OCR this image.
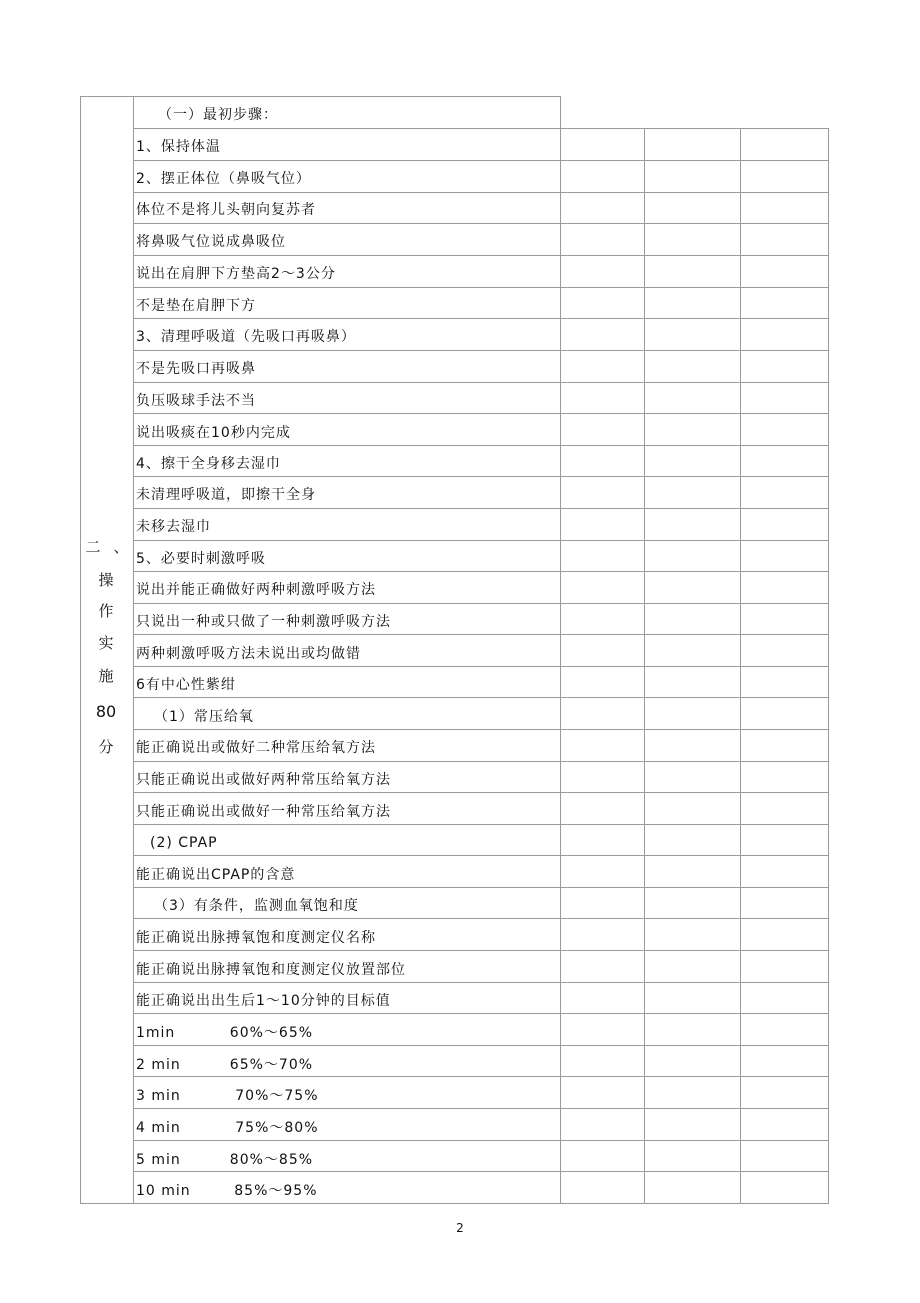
二 、
操
作
实
施
80
分
（一）最初步骤：
1、保持体温
2、摆正体位（鼻吸气位）
体位不是将儿头朝向复苏者
将鼻吸气位说成鼻吸位
说出在肩胛下方垫高2～3公分
不是垫在肩胛下方
3、清理呼吸道（先吸口再吸鼻）
不是先吸口再吸鼻
负压吸球手法不当
说出吸痰在10秒内完成
4、擦干全身移去湿巾
未清理呼吸道，即擦干全身
未移去湿巾
5、必要时刺激呼吸
说出并能正确做好两种刺激呼吸方法
只说出一种或只做了一种刺激呼吸方法
两种刺激呼吸方法未说出或均做错
6有中心性紫绀
（1）常压给氧
能正确说出或做好二种常压给氧方法
只能正确说出或做好两种常压给氧方法
只能正确说出或做好一种常压给氧方法
(2) CPAP
能正确说出CPAP的含意
（3）有条件，监测血氧饱和度
能正确说出脉搏氧饱和度测定仪名称
能正确说出脉搏氧饱和度测定仪放置部位
能正确说出出生后1～10分钟的目标值
1min          60%～65%
2 min         65%～70%
3 min          70%～75%
4 min          75%～80%
5 min         80%～85%
10 min        85%～95%
2
